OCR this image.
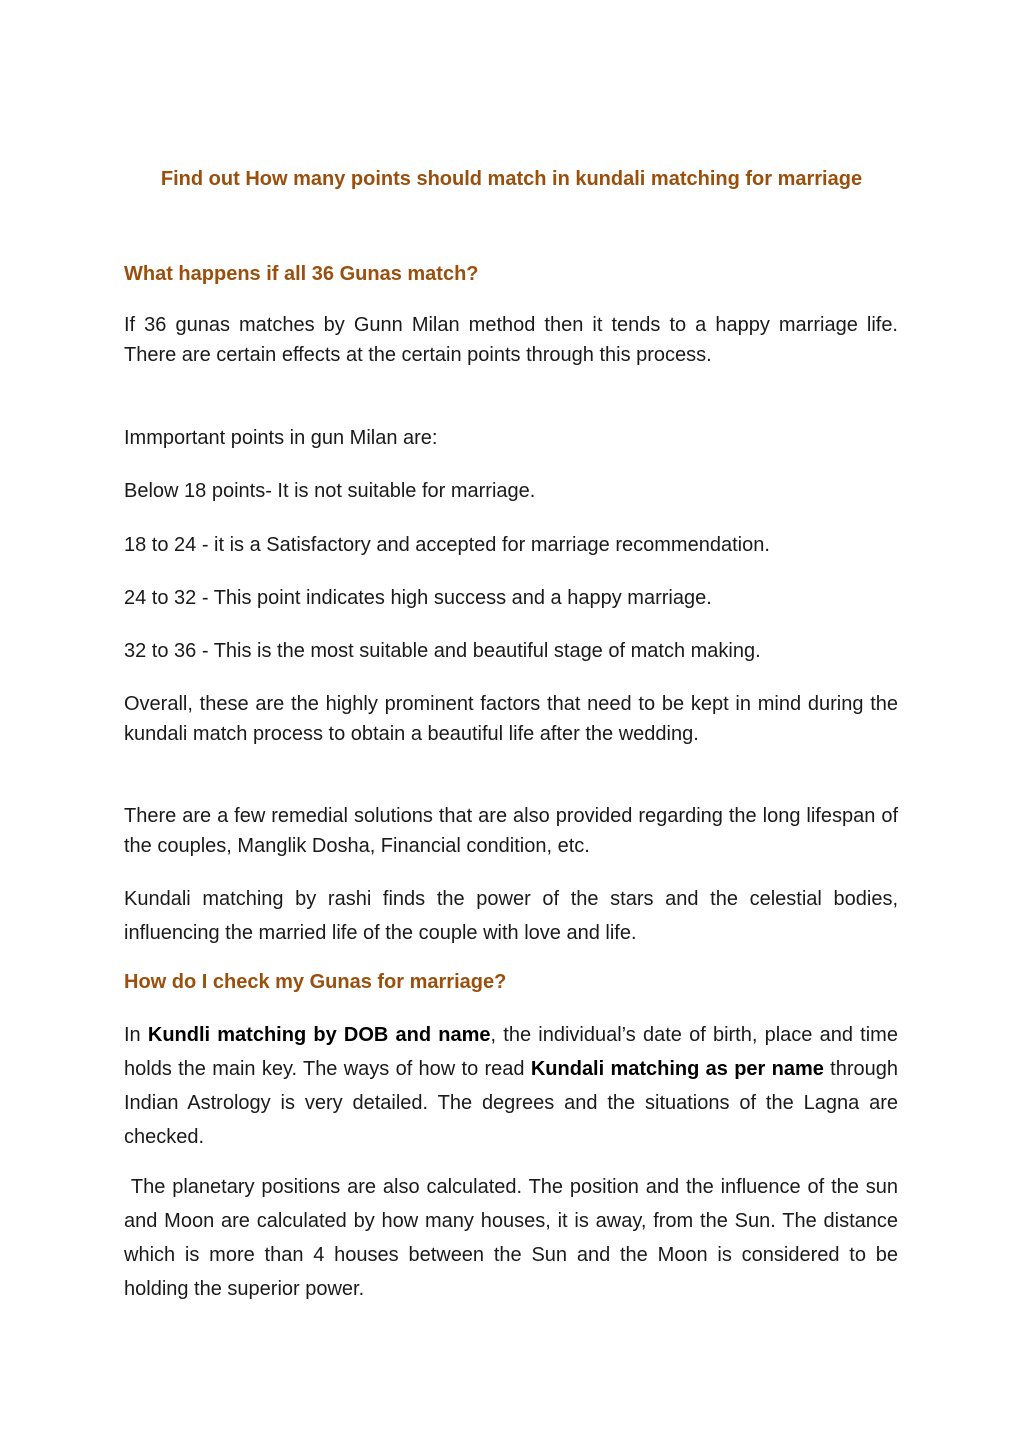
Find out How many points should match in kundali matching for marriage
What happens if all 36 Gunas match?

If 36 gunas matches by Gunn Milan method then it tends to a happy marriage life. There are certain effects at the certain points through this process.

Immportant points in gun Milan are:

Below 18 points- It is not suitable for marriage.

18 to 24 - it is a Satisfactory and accepted for marriage recommendation.

24 to 32 - This point indicates high success and a happy marriage.

32 to 36 - This is the most suitable and beautiful stage of match making.

Overall, these are the highly prominent factors that need to be kept in mind during the kundali match process to obtain a beautiful life after the wedding.

There are a few remedial solutions that are also provided regarding the long lifespan of the couples, Manglik Dosha, Financial condition, etc.

Kundali matching by rashi finds the power of the stars and the celestial bodies, influencing the married life of the couple with love and life.

How do I check my Gunas for marriage?

In Kundli matching by DOB and name, the individual’s date of birth, place and time holds the main key. The ways of how to read Kundali matching as per name through Indian Astrology is very detailed. The degrees and the situations of the Lagna are checked.

The planetary positions are also calculated. The position and the influence of the sun and Moon are calculated by how many houses, it is away, from the Sun. The distance which is more than 4 houses between the Sun and the Moon is considered to be holding the superior power.
